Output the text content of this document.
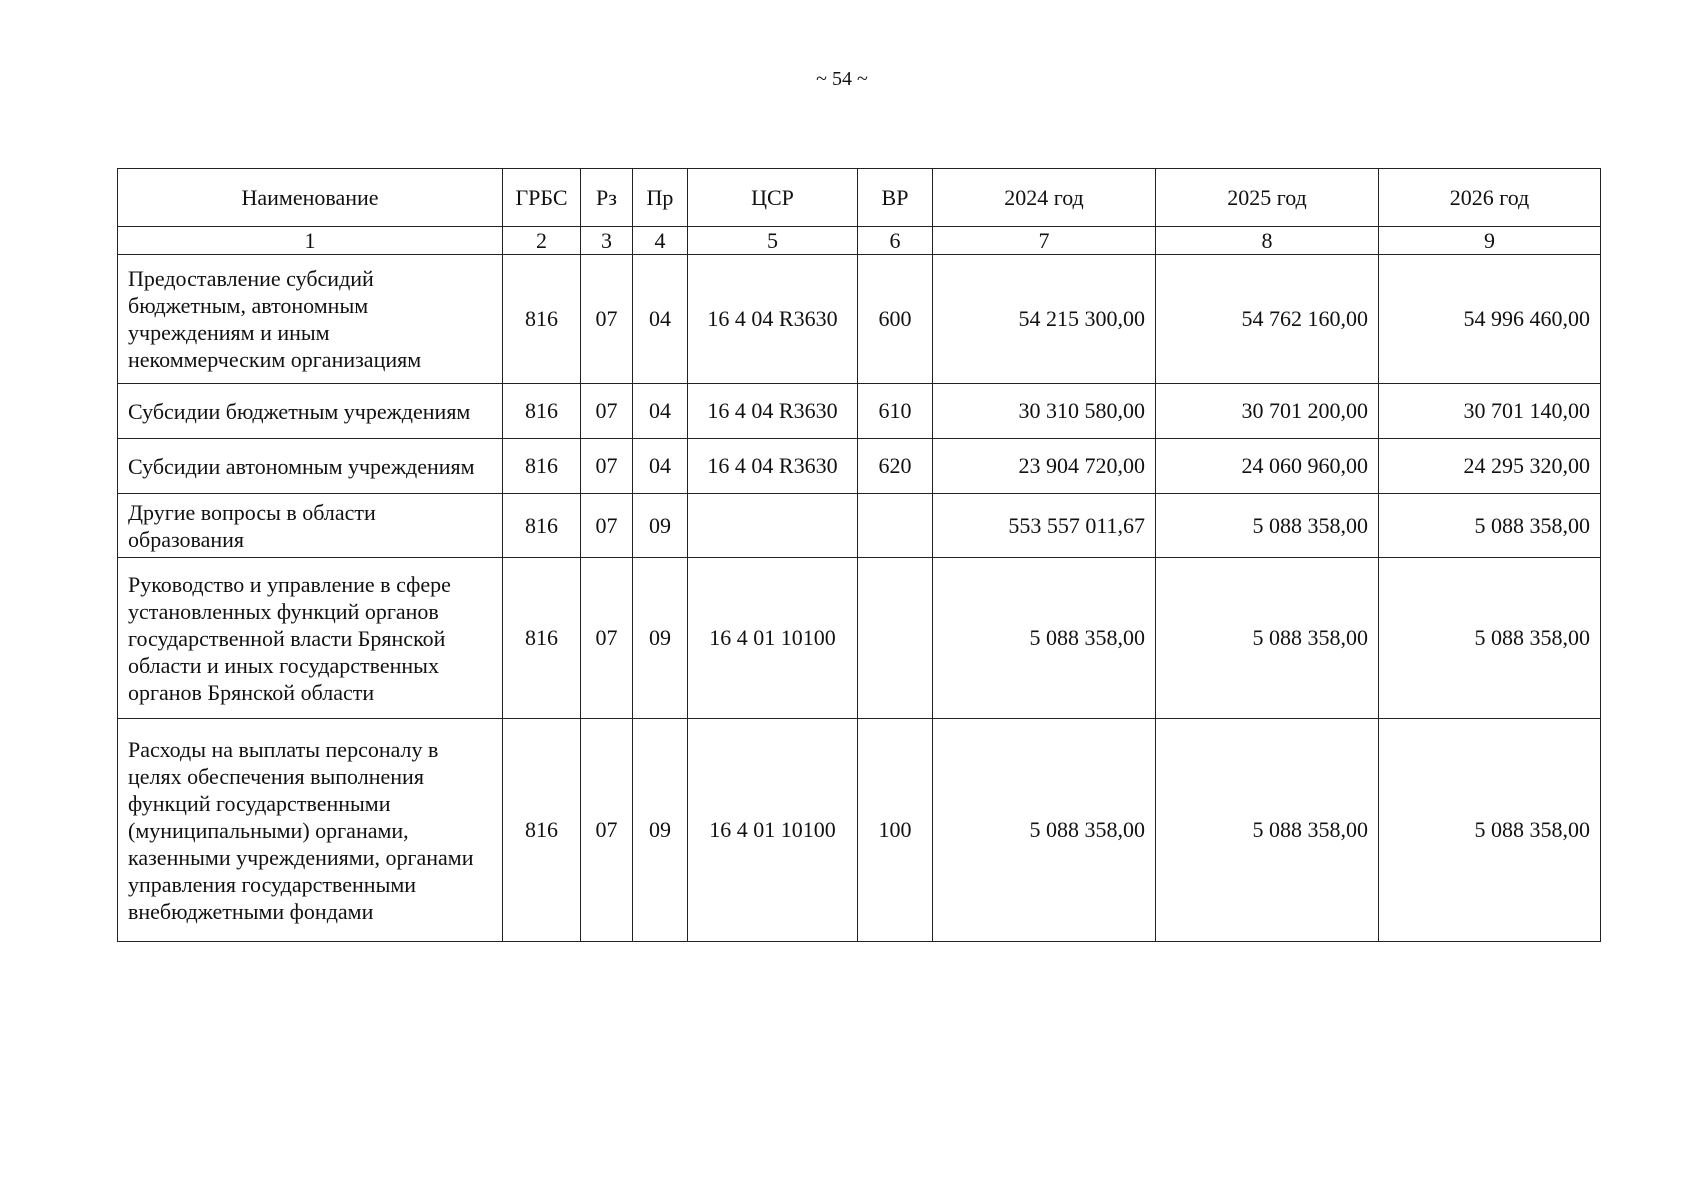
~ 54 ~
Наименование	ГРБС	Рз	Пр	ЦСР	ВР	2024 год	2025 год	2026 год
1	2	3	4	5	6	7	8	9
Предоставление субсидий бюджетным, автономным учреждениям и иным некоммерческим организациям	816	07	04	16 4 04 R3630	600	54 215 300,00	54 762 160,00	54 996 460,00
Субсидии бюджетным учреждениям	816	07	04	16 4 04 R3630	610	30 310 580,00	30 701 200,00	30 701 140,00
Субсидии автономным учреждениям	816	07	04	16 4 04 R3630	620	23 904 720,00	24 060 960,00	24 295 320,00
Другие вопросы в области образования	816	07	09			553 557 011,67	5 088 358,00	5 088 358,00
Руководство и управление в сфере установленных функций органов государственной власти Брянской области и иных государственных органов Брянской области	816	07	09	16 4 01 10100		5 088 358,00	5 088 358,00	5 088 358,00
Расходы на выплаты персоналу в целях обеспечения выполнения функций государственными (муниципальными) органами, казенными учреждениями, органами управления государственными внебюджетными фондами	816	07	09	16 4 01 10100	100	5 088 358,00	5 088 358,00	5 088 358,00
